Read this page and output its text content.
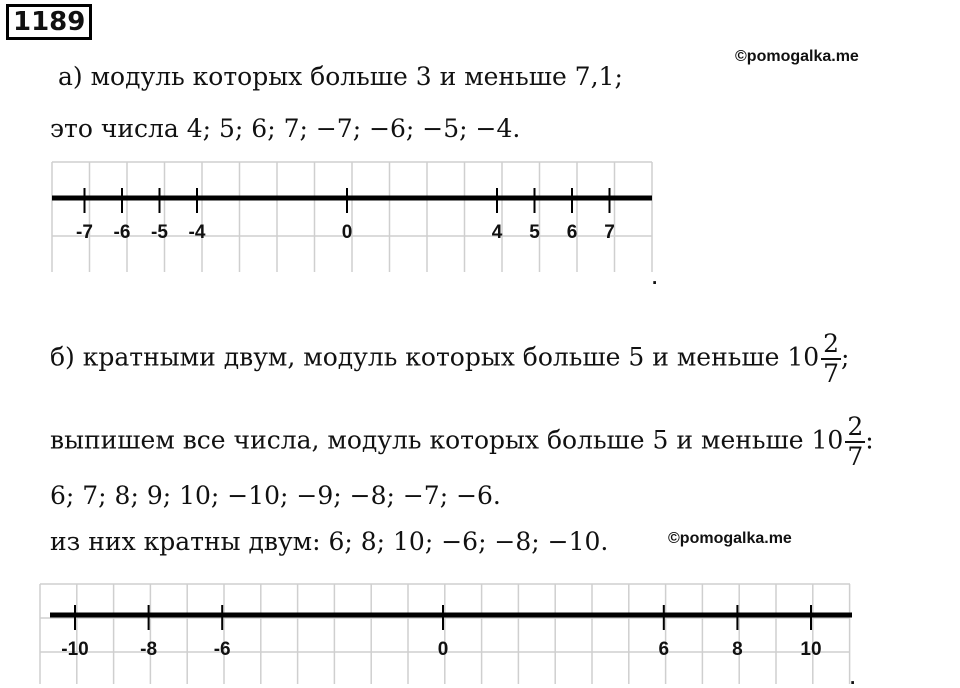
1189
©pomogalka.me
а) модуль которых больше 3 и меньше 7,1;
это числа 4; 5; 6; 7; −7; −6; −5; −4.
-7 -6 -5 -4	0	4 5 6 7
.
б) кратными двум, модуль которых больше 5 и меньше $10 \frac{2}{7}$ ;
выпишем все числа, модуль которых больше 5 и меньше $10 \frac{2}{7}$ :
6; 7; 8; 9; 10; −10; −9; −8; −7; −6.
из них кратны двум: 6; 8; 10; −6; −8; −10.	©pomogalka.me
-10	-8	-6	0	6	8	10
.
